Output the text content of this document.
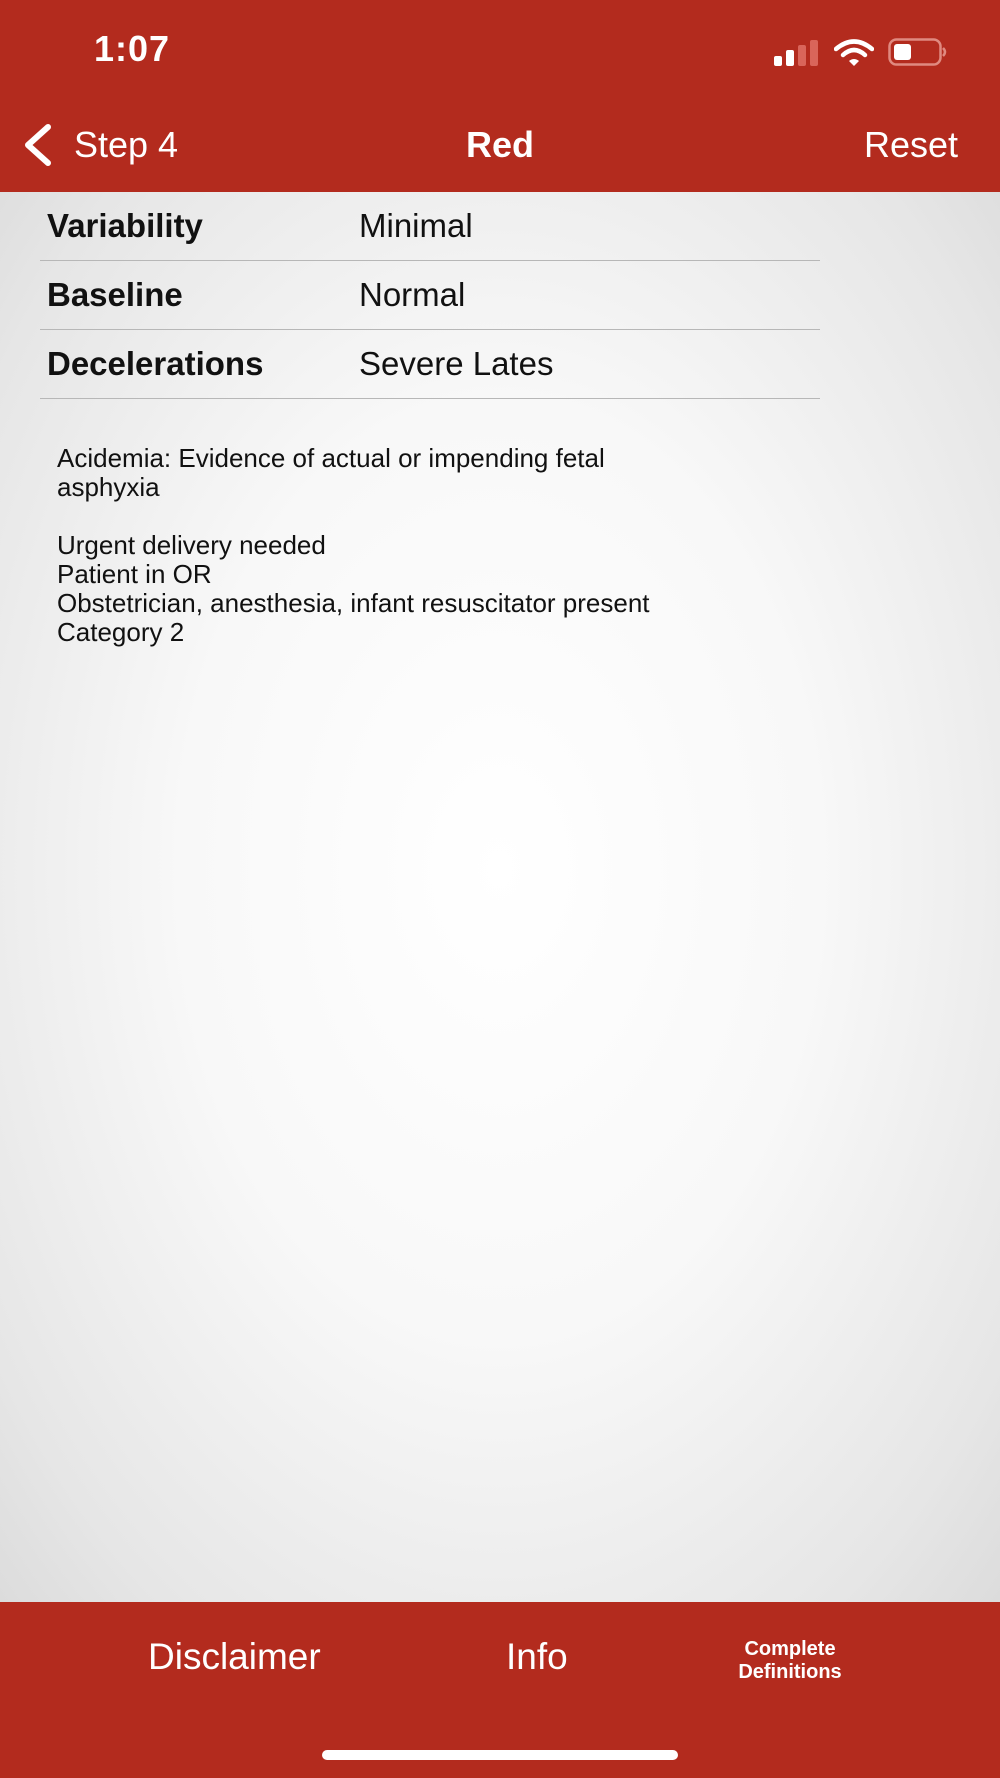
1:07
Step 4	Red	Reset
Variability	Minimal
Baseline	Normal
Decelerations	Severe Lates

Acidemia: Evidence of actual or impending fetal

asphyxia

Urgent delivery needed

Patient in OR

Obstetrician, anesthesia, infant resuscitator present

Category 2

Disclaimer	Info	Complete
Definitions
